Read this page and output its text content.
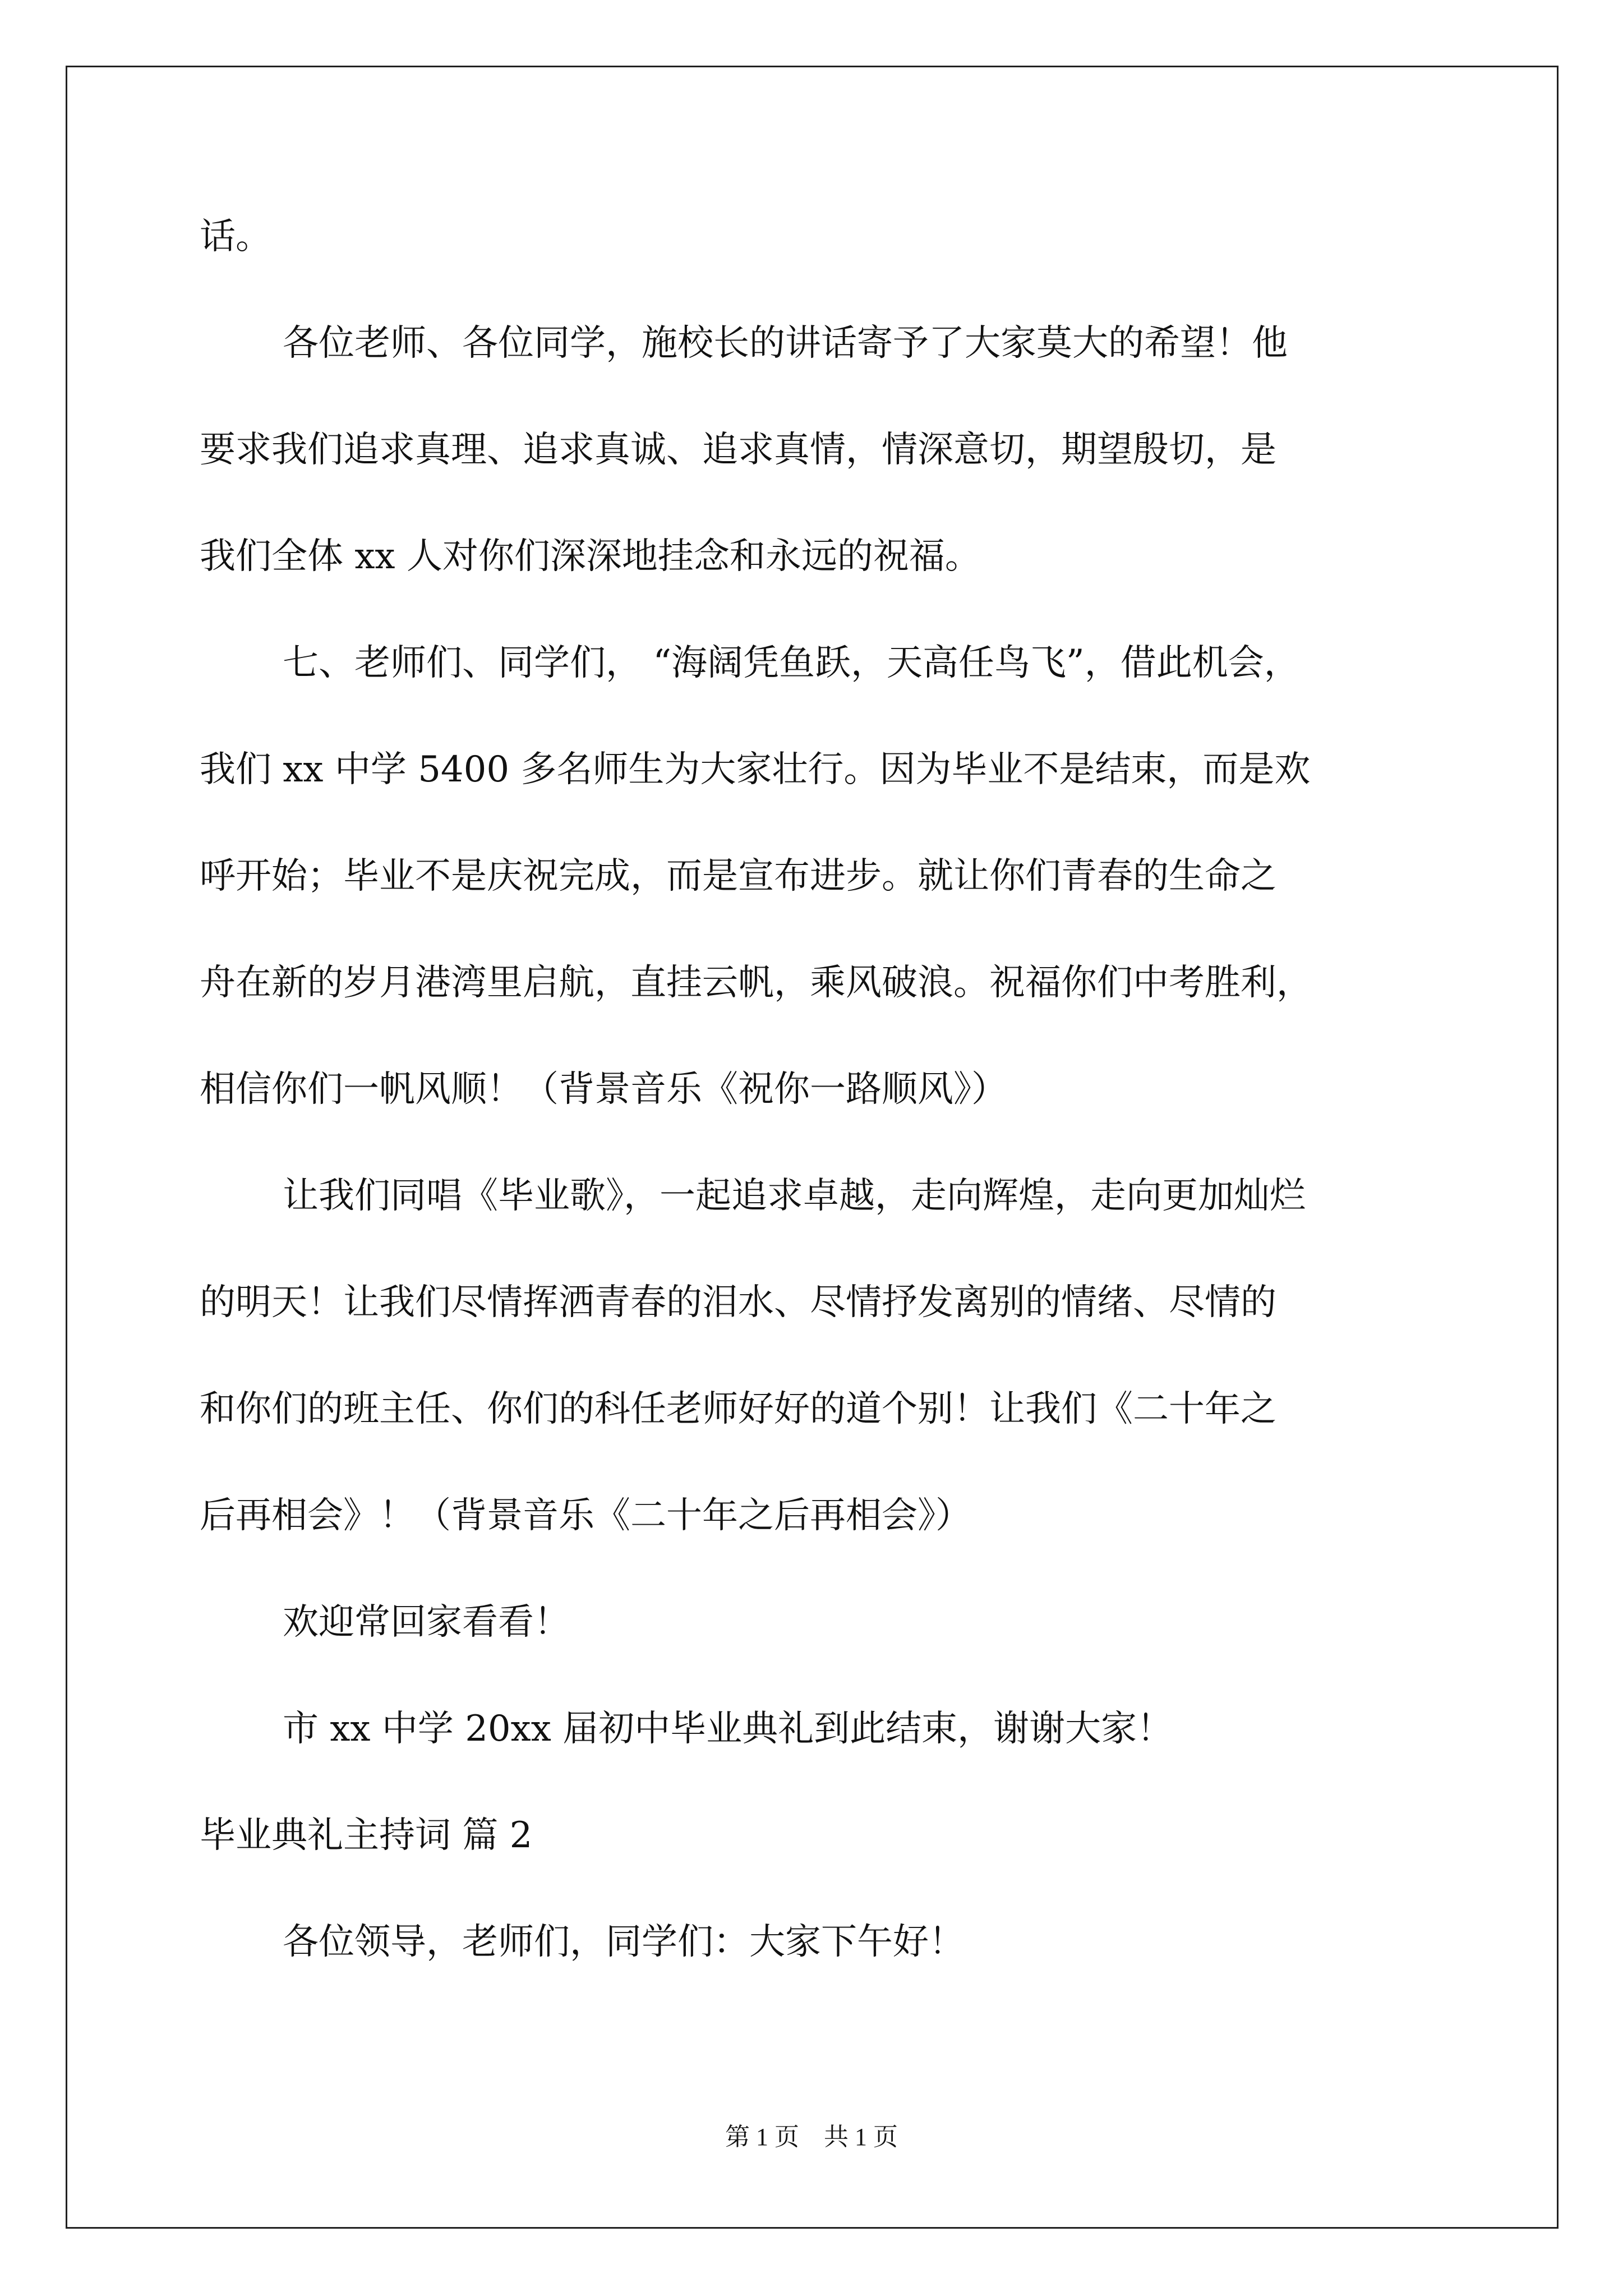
话。
各位老师、各位同学，施校长的讲话寄予了大家莫大的希望！他
要求我们追求真理、追求真诚、追求真情，情深意切，期望殷切，是
我们全体 xx 人对你们深深地挂念和永远的祝福。
七、老师们、同学们， “海阔凭鱼跃，天高任鸟飞”，借此机会，
我们 xx 中学 5400 多名师生为大家壮行。因为毕业不是结束，而是欢
呼开始；毕业不是庆祝完成，而是宣布进步。就让你们青春的生命之
舟在新的岁月港湾里启航，直挂云帆，乘风破浪。祝福你们中考胜利，
相信你们一帆风顺！（背景音乐《祝你一路顺风》）
让我们同唱《毕业歌》，一起追求卓越，走向辉煌，走向更加灿烂
的明天！让我们尽情挥洒青春的泪水、尽情抒发离别的情绪、尽情的
和你们的班主任、你们的科任老师好好的道个别！让我们《二十年之
后再相会》！（背景音乐《二十年之后再相会》）
欢迎常回家看看！
市 xx 中学 20xx 届初中毕业典礼到此结束，谢谢大家！
毕业典礼主持词 篇 2
各位领导，老师们，同学们：大家下午好！
第 1 页　共 1 页
